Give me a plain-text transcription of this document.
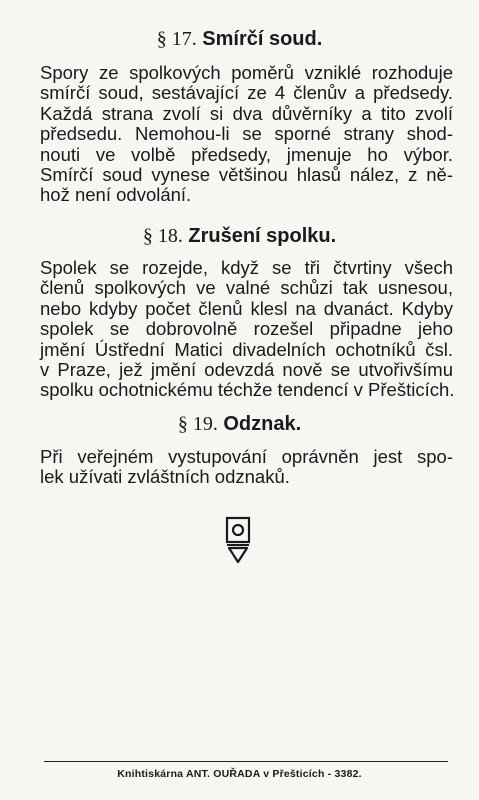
§ 17. Smírčí soud.
Spory ze spolkových poměrů vzniklé rozhoduje
smírčí soud, sestávající ze 4 členův a předsedy.
Každá strana zvolí si dva důvěrníky a tito zvolí
předsedu. Nemohou-li se sporné strany shod-
nouti ve volbě předsedy, jmenuje ho výbor.
Smírčí soud vynese většinou hlasů nález, z ně-
hož není odvolání.
§ 18. Zrušení spolku.
Spolek se rozejde, když se tři čtvrtiny všech
členů spolkových ve valné schůzi tak usnesou,
nebo kdyby počet členů klesl na dvanáct. Kdyby
spolek se dobrovolně rozešel připadne jeho
jmění Ústřední Matici divadelních ochotníků čsl.
v Praze, jež jmění odevzdá nově se utvořivšímu
spolku ochotnickému téchže tendencí v Přešticích.
§ 19. Odznak.
Při veřejném vystupování oprávněn jest spo-
lek užívati zvláštních odznaků.
Knihtiskárna ANT. OUŘADA v Přešticích - 3382.
